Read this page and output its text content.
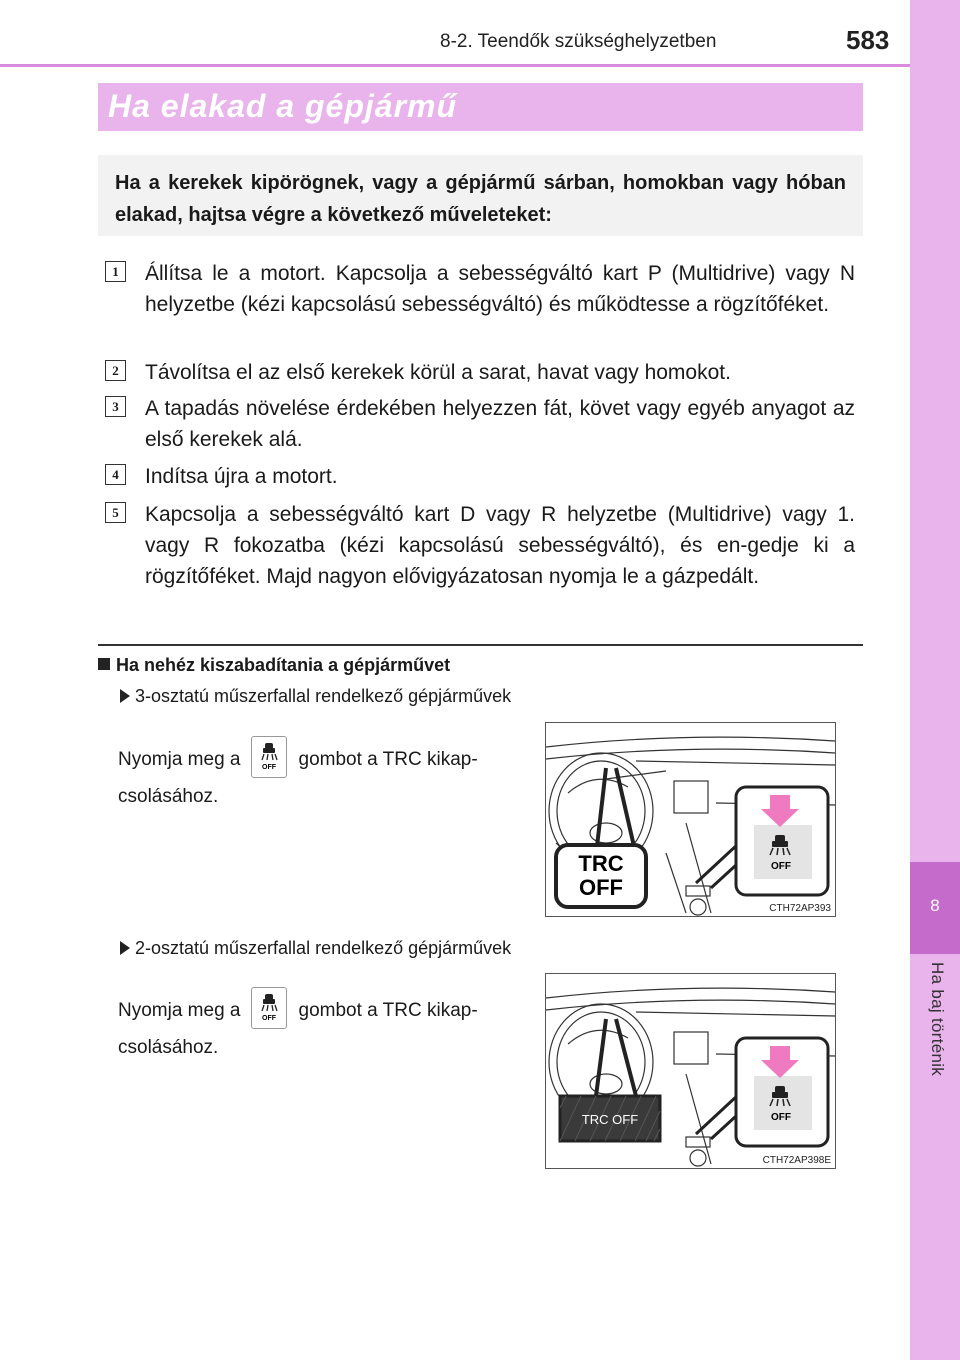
8
Ha baj történik
8-2. Teendők szükséghelyzetben	583
Ha elakad a gépjármű

Ha a kerekek kipörögnek, vagy a gépjármű sárban, homokban vagy hóban elakad, hajtsa végre a következő műveleteket:

1	Állítsa le a motort. Kapcsolja a sebességváltó kart P (Multidrive) vagy N helyzetbe (kézi kapcsolású sebességváltó) és működtesse a rögzítőféket.
2	Távolítsa el az első kerekek körül a sarat, havat vagy homokot.
3	A tapadás növelése érdekében helyezzen fát, követ vagy egyéb anyagot az első kerekek alá.
4	Indítsa újra a motort.
5	Kapcsolja a sebességváltó kart D vagy R helyzetbe (Multidrive) vagy 1. vagy R fokozatba (kézi kapcsolású sebességváltó), és en-gedje ki a rögzítőféket. Majd nagyon elővigyázatosan nyomja le a gázpedált.
Ha nehéz kiszabadítania a gépjárművet
3-osztatú műszerfallal rendelkező gépjárművek
Nyomja meg a	OFF gombot a TRC kikap-
csolásához.
TRC
OFF
OFF
CTH72AP393
2-osztatú műszerfallal rendelkező gépjárművek
Nyomja meg a	OFF gombot a TRC kikap-
csolásához.
TRC OFF	OFF
CTH72AP398E
